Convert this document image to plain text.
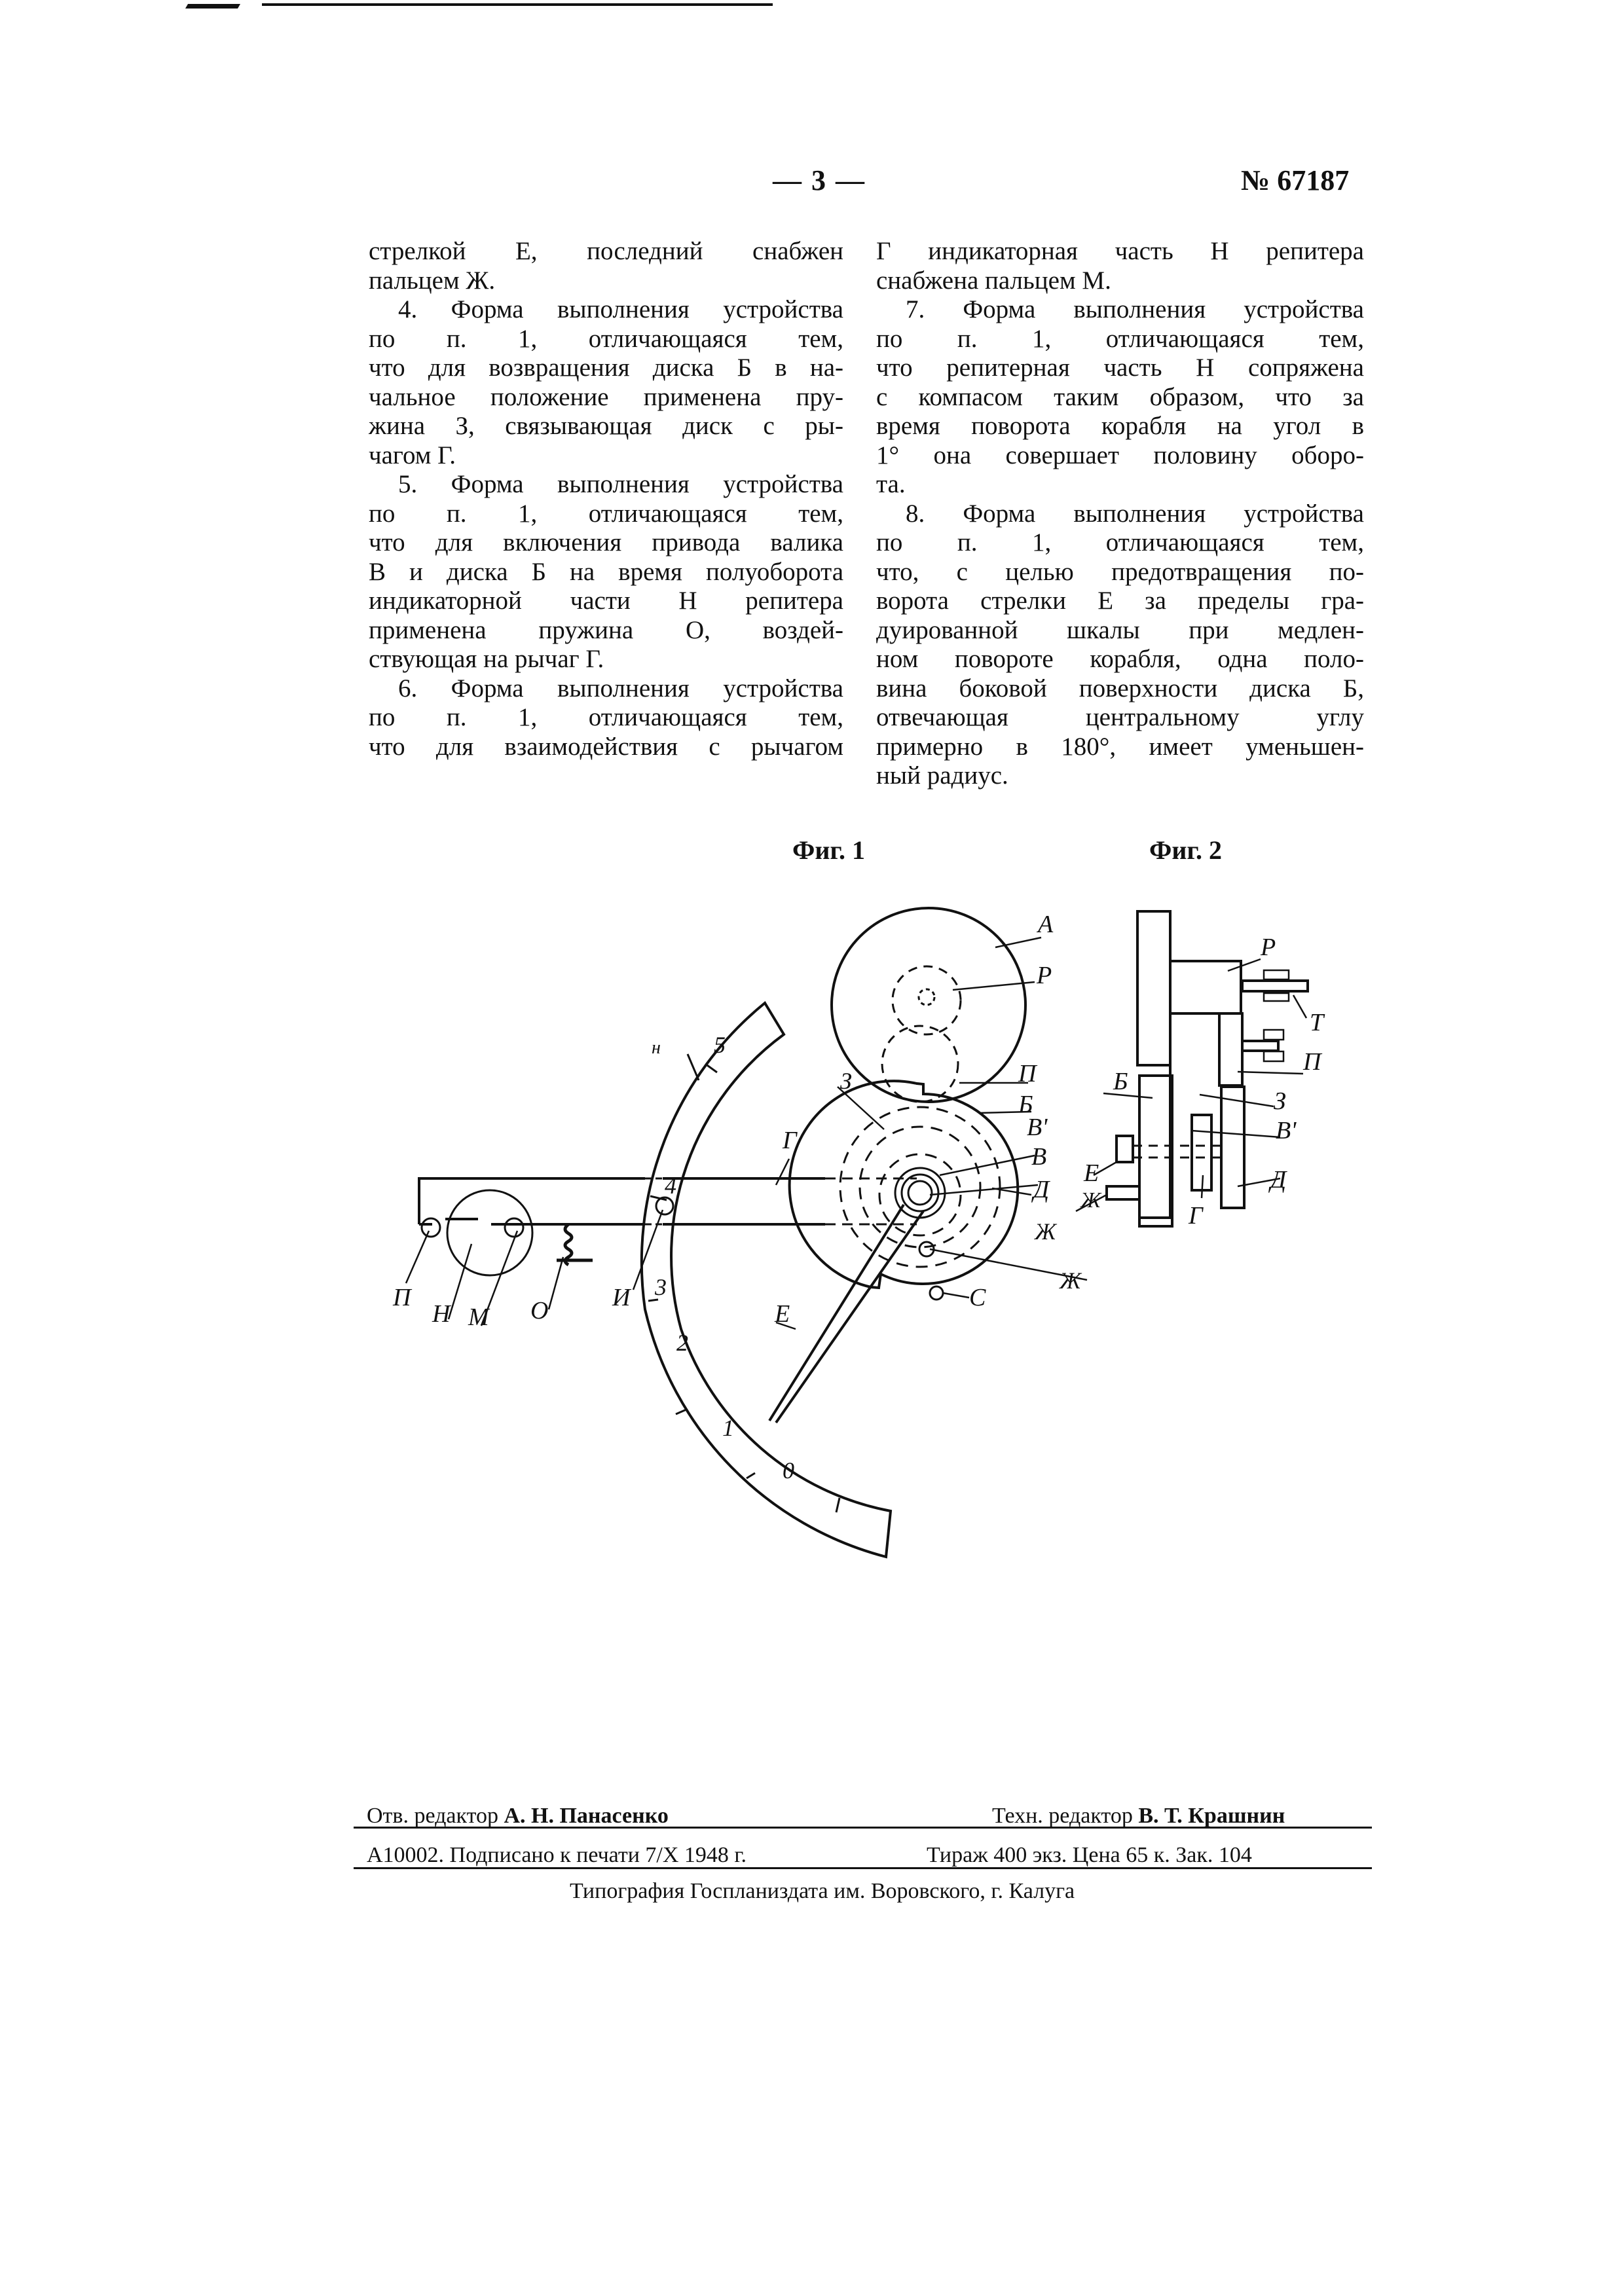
— 3 —	№ 67187
стрелкой Е, последний снабжен
пальцем Ж.
4. Форма выполнения устройства
по п. 1, отличающаяся тем,
что для возвращения диска Б в на-
чальное положение применена пру-
жина З, связывающая диск с ры-
чагом Г.
5. Форма выполнения устройства
по п. 1, отличающаяся тем,
что для включения привода валика
В и диска Б на время полуоборота
индикаторной части Н репитера
применена пружина О, воздей-
ствующая на рычаг Г.
6. Форма выполнения устройства
по п. 1, отличающаяся тем,
что для взаимодействия с рычагом
Г индикаторная часть Н репитера
снабжена пальцем М.
7. Форма выполнения устройства
по п. 1, отличающаяся тем,
что репитерная часть Н сопряжена
с компасом таким образом, что за
время поворота корабля на угол в
1° она совершает половину оборо-
та.
8. Форма выполнения устройства
по п. 1, отличающаяся тем,
что, с целью предотвращения по-
ворота стрелки Е за пределы гра-
дуированной шкалы при медлен-
ном повороте корабля, одна поло-
вина боковой поверхности диска Б,
отвечающая центральному углу
примерно в 180°, имеет уменьшен-
ный радиус.
Фиг. 1	Фиг. 2
А
Р
П
Б
З
В'
В
Д
Ж
Ж
С
Е
Г
н
П
Н М О	И
5
4
3
2
1
0
Р
Т
П
Б
З
В'
Е
Ж
Д
Г
Отв. редактор А. Н. Панасенко	Техн. редактор В. Т. Крашнин
А10002. Подписано к печати 7/Х 1948 г.	Тираж 400 экз. Цена 65 к. Зак. 104
Типография Госпланиздата им. Воровского, г. Калуга
